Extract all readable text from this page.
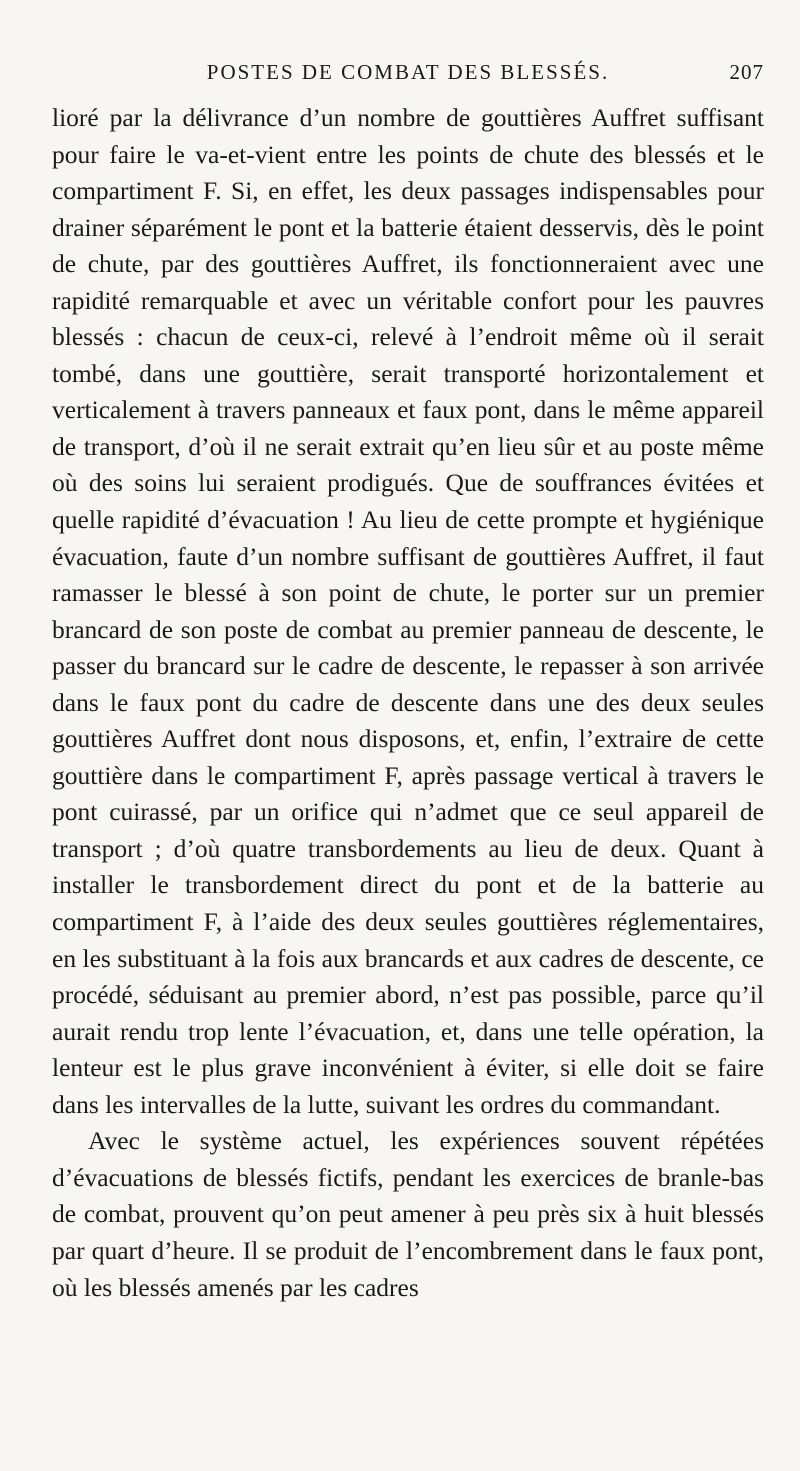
POSTES DE COMBAT DES BLESSÉS.	207

lioré par la délivrance d’un nombre de gouttières Auffret suffisant pour faire le va-et-vient entre les points de chute des blessés et le compartiment F. Si, en effet, les deux passages indispensables pour drainer séparément le pont et la batterie étaient desservis, dès le point de chute, par des gouttières Auffret, ils fonctionneraient avec une rapidité remarquable et avec un véritable confort pour les pauvres blessés : chacun de ceux-ci, relevé à l’endroit même où il serait tombé, dans une gouttière, serait transporté horizontalement et verticalement à travers panneaux et faux pont, dans le même appareil de transport, d’où il ne serait extrait qu’en lieu sûr et au poste même où des soins lui seraient prodigués. Que de souffrances évitées et quelle rapidité d’évacuation ! Au lieu de cette prompte et hygiénique évacuation, faute d’un nombre suffisant de gouttières Auffret, il faut ramasser le blessé à son point de chute, le porter sur un premier brancard de son poste de combat au premier panneau de descente, le passer du brancard sur le cadre de descente, le repasser à son arrivée dans le faux pont du cadre de descente dans une des deux seules gouttières Auffret dont nous disposons, et, enfin, l’extraire de cette gouttière dans le compartiment F, après passage vertical à travers le pont cuirassé, par un orifice qui n’admet que ce seul appareil de transport ; d’où quatre transbordements au lieu de deux. Quant à installer le transbordement direct du pont et de la batterie au compartiment F, à l’aide des deux seules gouttières réglementaires, en les substituant à la fois aux brancards et aux cadres de descente, ce procédé, séduisant au premier abord, n’est pas possible, parce qu’il aurait rendu trop lente l’évacuation, et, dans une telle opération, la lenteur est le plus grave inconvénient à éviter, si elle doit se faire dans les intervalles de la lutte, suivant les ordres du commandant.

Avec le système actuel, les expériences souvent répétées d’évacuations de blessés fictifs, pendant les exercices de branle-bas de combat, prouvent qu’on peut amener à peu près six à huit blessés par quart d’heure. Il se produit de l’encombrement dans le faux pont, où les blessés amenés par les cadres
